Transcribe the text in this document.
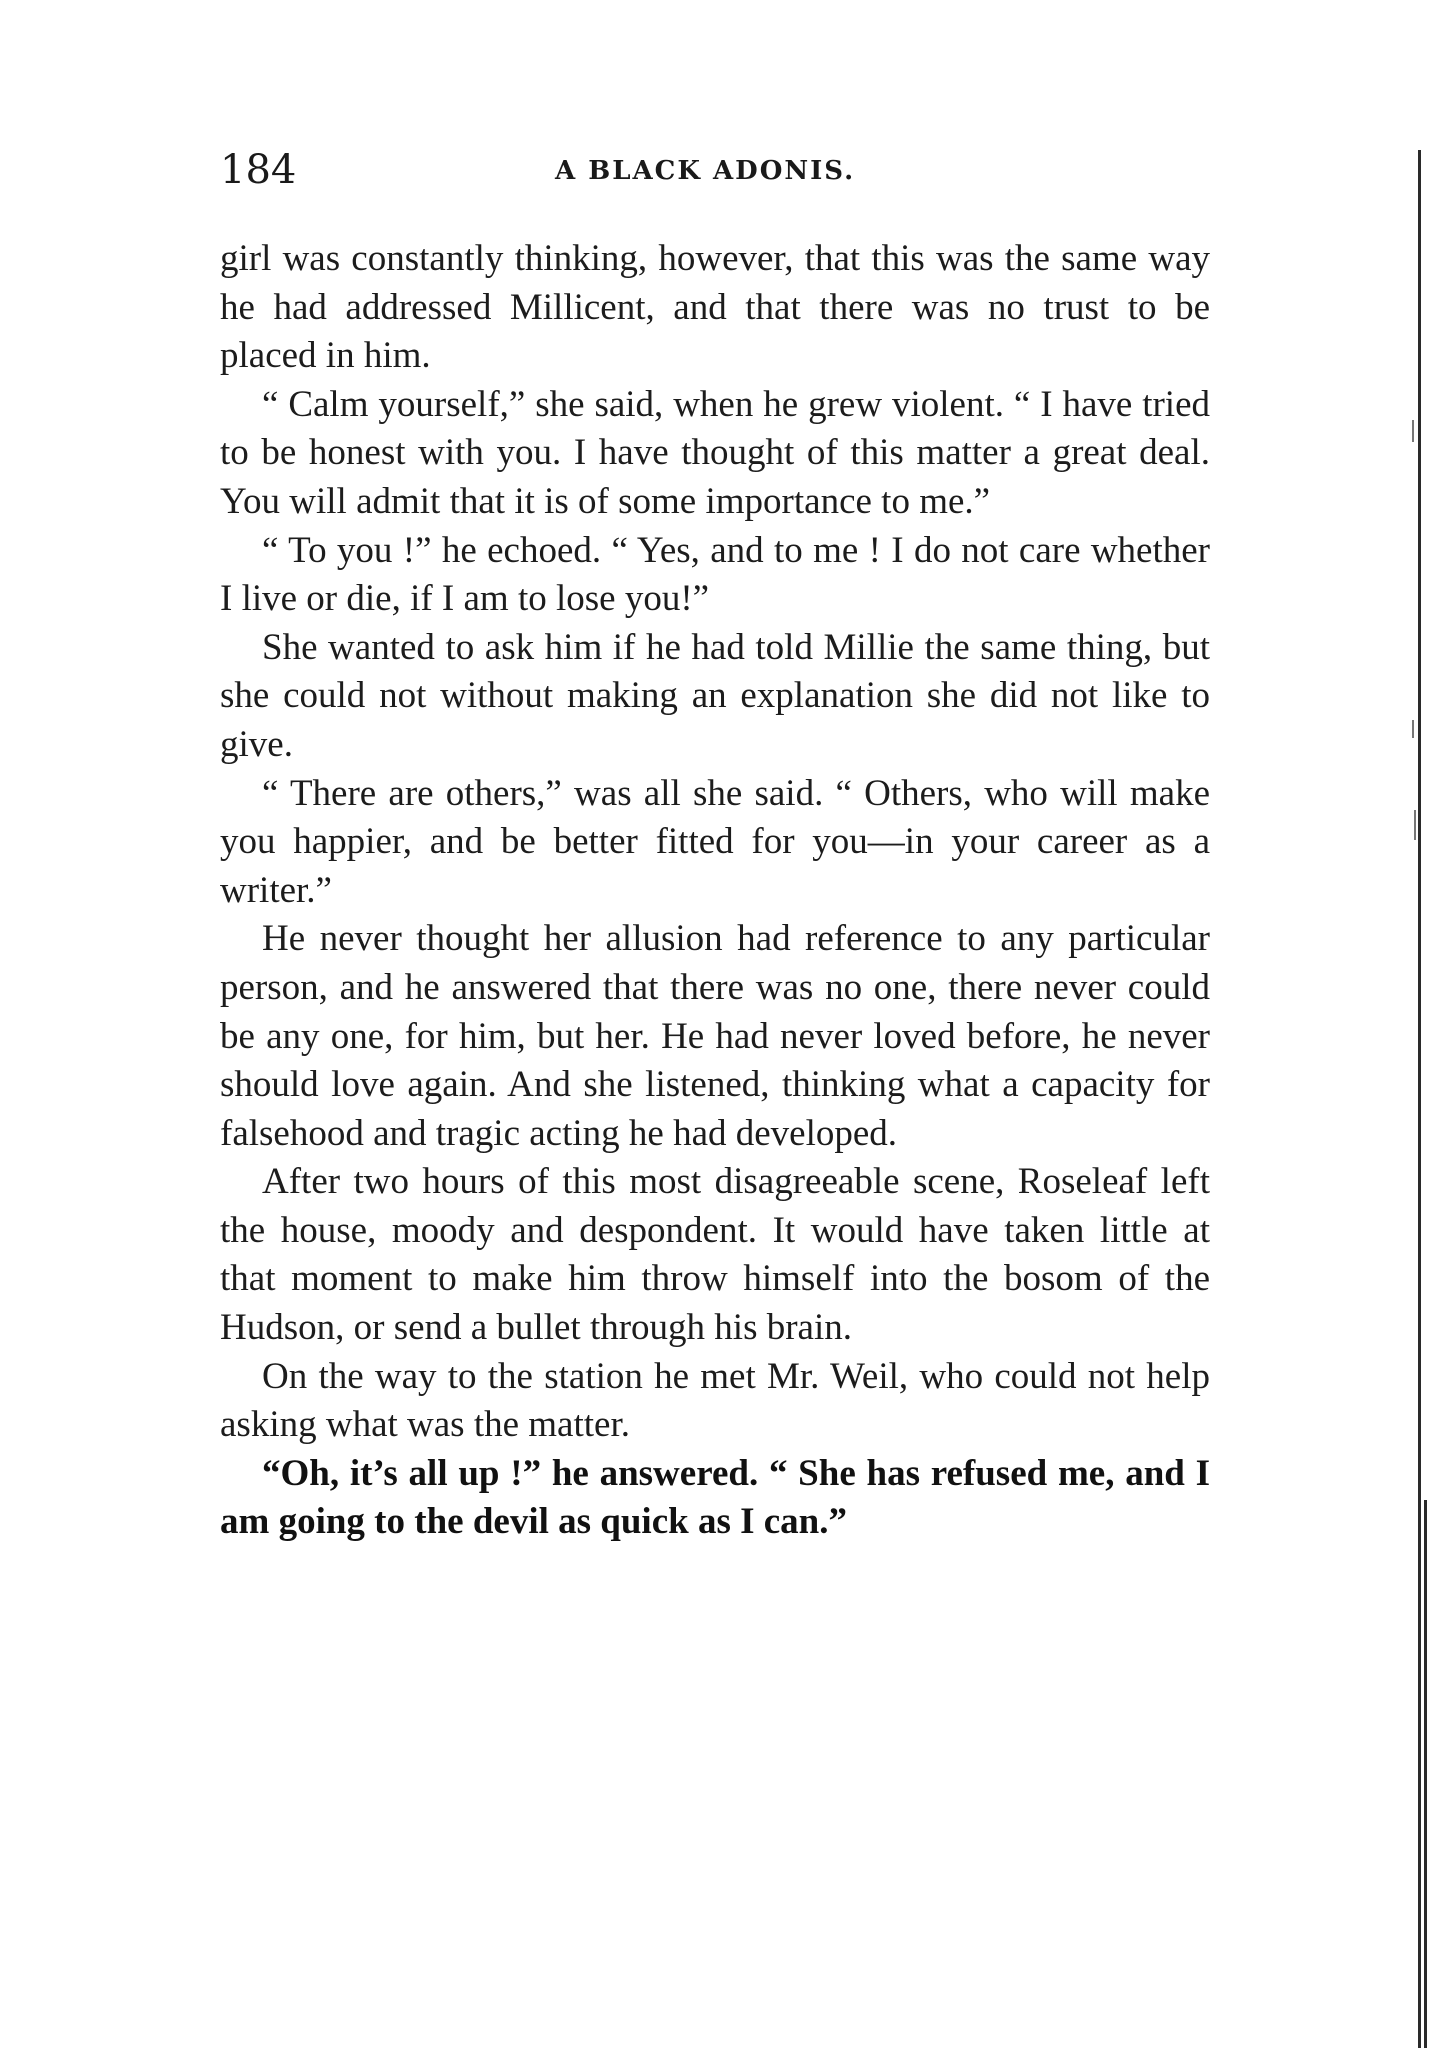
184	A BLACK ADONIS.

girl was constantly thinking, however, that this was the same way he had addressed Millicent, and that there was no trust to be placed in him.

“ Calm yourself,” she said, when he grew violent. “ I have tried to be honest with you. I have thought of this matter a great deal. You will admit that it is of some importance to me.”

“ To you !” he echoed. “ Yes, and to me ! I do not care whether I live or die, if I am to lose you!”

She wanted to ask him if he had told Millie the same thing, but she could not without making an explanation she did not like to give.

“ There are others,” was all she said. “ Others, who will make you happier, and be better fitted for you—in your career as a writer.”

He never thought her allusion had reference to any particular person, and he answered that there was no one, there never could be any one, for him, but her. He had never loved before, he never should love again. And she listened, thinking what a capacity for falsehood and tragic acting he had developed.

After two hours of this most disagreeable scene, Roseleaf left the house, moody and despondent. It would have taken little at that moment to make him throw himself into the bosom of the Hudson, or send a bullet through his brain.

On the way to the station he met Mr. Weil, who could not help asking what was the matter.

“Oh, it’s all up !” he answered. “ She has refused me, and I am going to the devil as quick as I can.”
